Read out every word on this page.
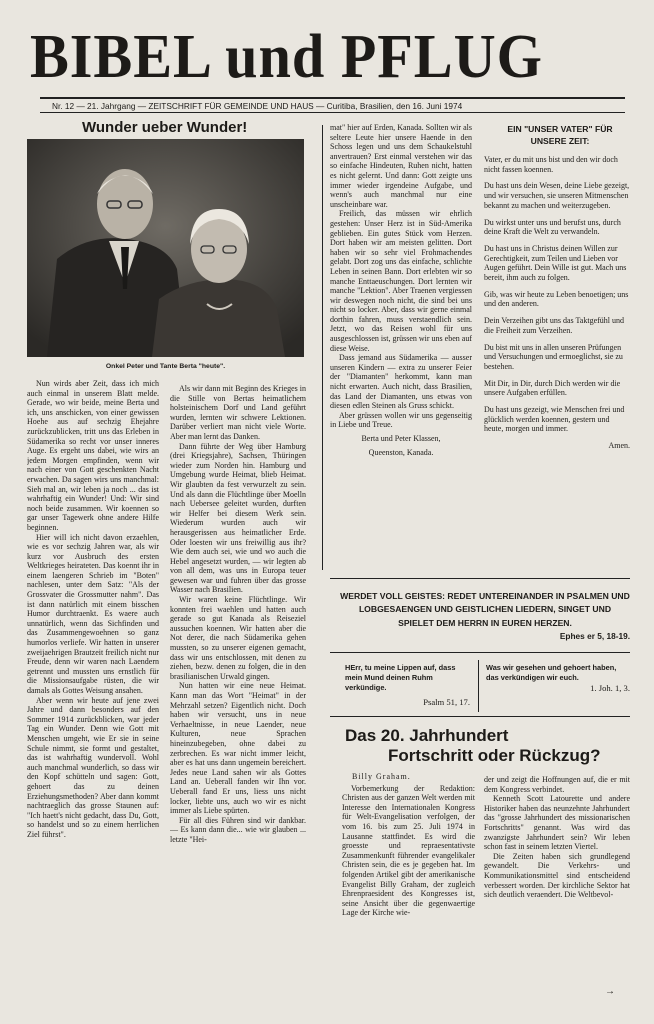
BIBEL und PFLUG
Nr. 12 — 21. Jahrgang — ZEITSCHRIFT FÜR GEMEINDE UND HAUS — Curitiba, Brasilien, den 16. Juni 1974
Wunder ueber Wunder!
Onkel Peter und Tante Berta "heute".

Nun wirds aber Zeit, dass ich mich auch einmal in unserem Blatt melde. Gerade, wo wir beide, meine Berta und ich, uns anschicken, von einer gewissen Hoehe aus auf sechzig Ehejahre zurückzublicken, tritt uns das Erleben in Südamerika so recht vor unser inneres Auge. Es ergeht uns dabei, wie wirs an jedem Morgen empfinden, wenn wir nach einer von Gott geschenkten Nacht erwachen. Da sagen wirs uns manchmal: Sieh mal an, wir leben ja noch ... das ist wahrhaftig ein Wunder! Und: Wir sind noch beide zusammen. Wir koennen so gar unser Tagewerk ohne andere Hilfe beginnen.

Hier will ich nicht davon erzaehlen, wie es vor sechzig Jahren war, als wir kurz vor Ausbruch des ersten Weltkrieges heirateten. Das koennt ihr in einem laengeren Schrieb im "Boten" nachlesen, unter dem Satz: "Als der Grossvater die Grossmutter nahm". Das ist dann natürlich mit einem bisschen Humor durchtraenkt. Es waere auch unnatürlich, wenn das Sichfinden und das Zusammengewoehnen so ganz humorlos verliefe. Wir hatten in unserer zweijaehrigen Brautzeit freilich nicht nur Freude, denn wir waren nach Laendern getrennt und mussten uns ernstlich für die Missionsaufgabe rüsten, die wir damals als Gottes Weisung ansahen.

Aber wenn wir heute auf jene zwei Jahre und dann besonders auf den Sommer 1914 zurückblicken, war jeder Tag ein Wunder. Denn wie Gott mit Menschen umgeht, wie Er sie in seine Schule nimmt, sie formt und gestaltet, das ist wahrhaftig wundervoll. Wohl auch manchmal wunderlich, so dass wir den Kopf schütteln und sagen: Gott, gehoert das zu deinen Erziehungsmethoden? Aber dann kommt nachtraeglich das grosse Staunen auf: "Ich haett's nicht gedacht, dass Du, Gott, so handelst und so zu einem herrlichen Ziel führst".

Als wir dann mit Beginn des Krieges in die Stille von Bertas heimatlichem holsteinischem Dorf und Land geführt wurden, lernten wir schwere Lektionen. Darüber verliert man nicht viele Worte. Aber man lernt das Danken.

Dann führte der Weg über Hamburg (drei Kriegsjahre), Sachsen, Thüringen wieder zum Norden hin. Hamburg und Umgebung wurde Heimat, blieb Heimat. Wir glaubten da fest verwurzelt zu sein. Und als dann die Flüchtlinge über Moelln nach Uebersee geleitet wurden, durften wir Helfer bei diesem Werk sein. Wiederum wurden auch wir herausgerissen aus heimatlicher Erde. Oder loesten wir uns freiwillig aus ihr? Wie dem auch sei, wie und wo auch die Hebel angesetzt wurden, — wir legten ab von all dem, was uns in Europa teuer gewesen war und fuhren über das grosse Wasser nach Brasilien.

Wir waren keine Flüchtlinge. Wir konnten frei waehlen und hatten auch gerade so gut Kanada als Reiseziel aussuchen koennen. Wir hatten aber die Not derer, die nach Südamerika gehen mussten, so zu unserer eigenen gemacht, dass wir uns entschlossen, mit denen zu ziehen, bezw. denen zu folgen, die in den brasilianischen Urwald gingen.

Nun hatten wir eine neue Heimat. Kann man das Wort "Heimat" in der Mehrzahl setzen? Eigentlich nicht. Doch haben wir versucht, uns in neue Verhaeltnisse, in neue Laender, neue Kulturen, neue Sprachen hineinzubegeben, ohne dabei zu zerbrechen. Es war nicht immer leicht, aber es hat uns dann ungemein bereichert. Jedes neue Land sahen wir als Gottes Land an. Ueberall fanden wir Ihn vor. Ueberall fand Er uns, liess uns nicht locker, liebte uns, auch wo wir es nicht immer als Liebe spürten.

Für all dies Führen sind wir dankbar. — Es kann dann die... wie wir glauben ... letzte "Hei-

mat" hier auf Erden, Kanada. Sollten wir als seltere Leute hier unsere Haende in den Schoss legen und uns dem Schaukelstuhl anvertrauen? Erst einmal verstehen wir das so einfache Hindeuten, Ruhen nicht, hatten es nicht gelernt. Und dann: Gott zeigte uns immer wieder irgendeine Aufgabe, und wenn's auch manchmal nur eine unscheinbare war.

Freilich, das müssen wir ehrlich gestehen: Unser Herz ist in Süd-Amerika geblieben. Ein gutes Stück vom Herzen. Dort haben wir am meisten gelitten. Dort haben wir so sehr viel Frohmachendes gelabt. Dort zog uns das einfache, schlichte Leben in seinen Bann. Dort erlebten wir so manche Enttaeuschungen. Dort lernten wir manche "Lektion". Aber Traenen vergiessen wir deswegen noch nicht, die sind bei uns nicht so locker. Aber, dass wir gerne einmal dorthin fahren, muss verstaendlich sein. Jetzt, wo das Reisen wohl für uns ausgeschlossen ist, grüssen wir uns eben auf diese Weise.

Dass jemand aus Südamerika — ausser unseren Kindern — extra zu unserer Feier der "Diamanten" herkommt, kann man nicht erwarten. Auch nicht, dass Brasilien, das Land der Diamanten, uns etwas von diesen edlen Steinen als Gruss schickt.

Aber grüssen wollen wir uns gegenseitig in Liebe und Treue.

Berta und Peter Klassen,
Queenston, Kanada.
EIN "UNSER VATER" FÜR UNSERE ZEIT:
Vater, er du mit uns bist und den wir doch nicht fassen koennen.
Du hast uns dein Wesen, deine Liebe gezeigt, und wir versuchen, sie unseren Mitmenschen bekannt zu machen und weiterzugeben.
Du wirkst unter uns und berufst uns, durch deine Kraft die Welt zu verwandeln.
Du hast uns in Christus deinen Willen zur Gerechtigkeit, zum Teilen und Lieben vor Augen geführt. Dein Wille ist gut. Mach uns bereit, ihm auch zu folgen.
Gib, was wir heute zu Leben benoetigen; uns und den anderen.
Dein Verzeihen gibt uns das Taktgefühl und die Freiheit zum Verzeihen.
Du bist mit uns in allen unseren Prüfungen und Versuchungen und ermoeglichst, sie zu bestehen.
Mit Dir, in Dir, durch Dich werden wir die unsere Aufgaben erfüllen.
Du hast uns gezeigt, wie Menschen frei und glücklich werden koennen, gestern und heute, morgen und immer.
Amen.
WERDET VOLL GEISTES: REDET UNTEREINANDER IN PSALMEN UND LOBGESAENGEN UND GEISTLICHEN LIEDERN, SINGET UND SPIELET DEM HERRN IN EUREN HERZEN.
Ephes er 5, 18-19.
HErr, tu meine Lippen auf, dass mein Mund deinen Ruhm verkündige.
Psalm 51, 17.
Was wir gesehen und gehoert haben, das verkündigen wir euch.
1. Joh. 1, 3.
Das 20. Jahrhundert
Fortschritt oder Rückzug?
Billy Graham.

Vorbemerkung der Redaktion: Christen aus der ganzen Welt werden mit Interesse den Internationalen Kongress für Welt-Evangelisation verfolgen, der vom 16. bis zum 25. Juli 1974 in Lausanne stattfindet. Es wird die groesste und repraesentativste Zusammenkunft führender evangelikaler Christen sein, die es je gegeben hat. Im folgenden Artikel gibt der amerikanische Evangelist Billy Graham, der zugleich Ehrenpraesident des Kongresses ist, seine Ansicht über die gegenwaertige Lage der Kirche wie-

der und zeigt die Hoffnungen auf, die er mit dem Kongress verbindet.

Kenneth Scott Latourette und andere Historiker haben das neunzehnte Jahrhundert das "grosse Jahrhundert des missionarischen Fortschritts" genannt. Was wird das zwanzigste Jahrhundert sein? Wir leben schon fast in seinem letzten Viertel.

Die Zeiten haben sich grundlegend gewandelt. Die Verkehrs- und Kommunikationsmittel sind entscheidend verbessert worden. Der kirchliche Sektor hat sich deutlich veraendert. Die Weltbevol-

→
